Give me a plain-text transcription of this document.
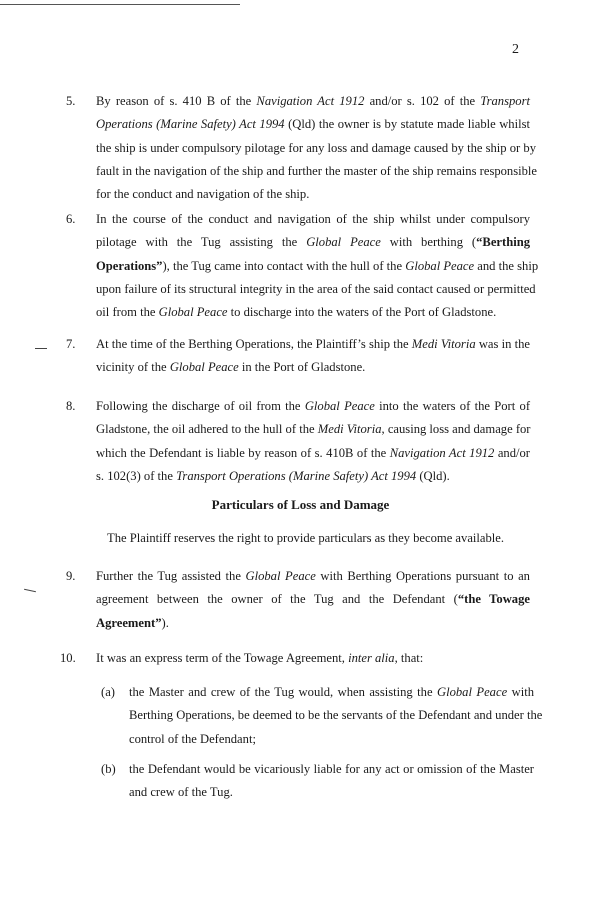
2
5. By reason of s. 410 B of the Navigation Act 1912 and/or s. 102 of the Transport
Operations (Marine Safety) Act 1994 (Qld) the owner is by statute made liable whilst
the ship is under compulsory pilotage for any loss and damage caused by the ship or by
fault in the navigation of the ship and further the master of the ship remains responsible
for the conduct and navigation of the ship.
6. In the course of the conduct and navigation of the ship whilst under compulsory
pilotage with the Tug assisting the Global Peace with berthing (“Berthing
Operations”), the Tug came into contact with the hull of the Global Peace and the ship
upon failure of its structural integrity in the area of the said contact caused or permitted
oil from the Global Peace to discharge into the waters of the Port of Gladstone.
7. At the time of the Berthing Operations, the Plaintiff’s ship the Medi Vitoria was in the
vicinity of the Global Peace in the Port of Gladstone.
8. Following the discharge of oil from the Global Peace into the waters of the Port of
Gladstone, the oil adhered to the hull of the Medi Vitoria, causing loss and damage for
which the Defendant is liable by reason of s. 410B of the Navigation Act 1912 and/or
s. 102(3) of the Transport Operations (Marine Safety) Act 1994 (Qld).
Particulars of Loss and Damage
The Plaintiff reserves the right to provide particulars as they become available.
9. Further the Tug assisted the Global Peace with Berthing Operations pursuant to an
agreement between the owner of the Tug and the Defendant (“the Towage
Agreement”).
10. It was an express term of the Towage Agreement, inter alia, that:
(a) the Master and crew of the Tug would, when assisting the Global Peace with
Berthing Operations, be deemed to be the servants of the Defendant and under the
control of the Defendant;
(b) the Defendant would be vicariously liable for any act or omission of the Master
and crew of the Tug.
